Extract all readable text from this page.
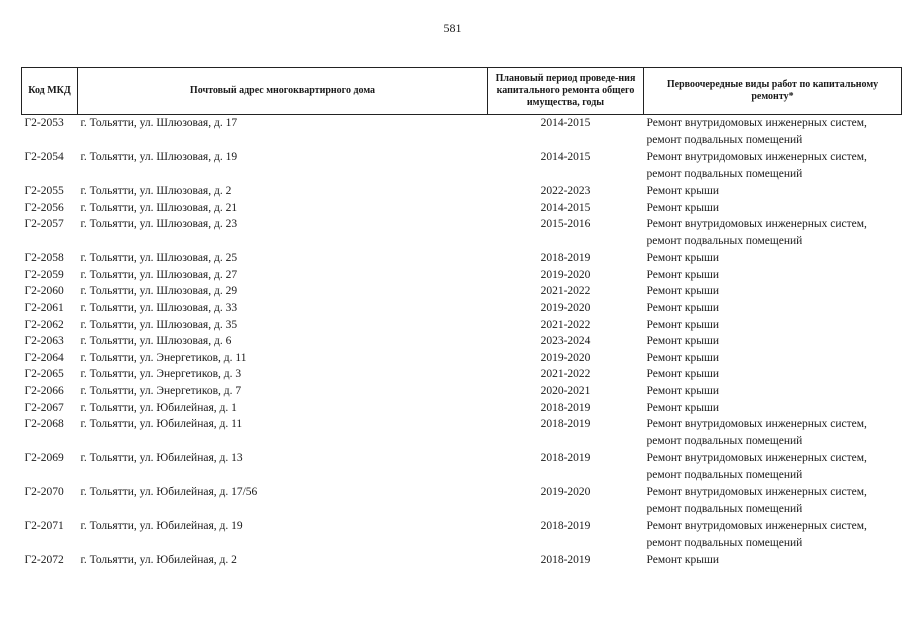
581
Код МКД	Почтовый адрес многоквартирного дома	Плановый период проведе-ния капитального ремонта общего имущества, годы	Первоочередные виды работ по капитальному ремонту*
Г2-2053	г. Тольятти, ул. Шлюзовая, д. 17	2014-2015	Ремонт внутридомовых инженерных систем,
ремонт подвальных помещений

Г2-2054	г. Тольятти, ул. Шлюзовая, д. 19	2014-2015	Ремонт внутридомовых инженерных систем,
ремонт подвальных помещений

Г2-2055	г. Тольятти, ул. Шлюзовая, д. 2	2022-2023	Ремонт крыши

Г2-2056	г. Тольятти, ул. Шлюзовая, д. 21	2014-2015	Ремонт крыши

Г2-2057	г. Тольятти, ул. Шлюзовая, д. 23	2015-2016	Ремонт внутридомовых инженерных систем,
ремонт подвальных помещений

Г2-2058	г. Тольятти, ул. Шлюзовая, д. 25	2018-2019	Ремонт крыши

Г2-2059	г. Тольятти, ул. Шлюзовая, д. 27	2019-2020	Ремонт крыши

Г2-2060	г. Тольятти, ул. Шлюзовая, д. 29	2021-2022	Ремонт крыши

Г2-2061	г. Тольятти, ул. Шлюзовая, д. 33	2019-2020	Ремонт крыши

Г2-2062	г. Тольятти, ул. Шлюзовая, д. 35	2021-2022	Ремонт крыши

Г2-2063	г. Тольятти, ул. Шлюзовая, д. 6	2023-2024	Ремонт крыши

Г2-2064	г. Тольятти, ул. Энергетиков, д. 11	2019-2020	Ремонт крыши

Г2-2065	г. Тольятти, ул. Энергетиков, д. 3	2021-2022	Ремонт крыши

Г2-2066	г. Тольятти, ул. Энергетиков, д. 7	2020-2021	Ремонт крыши

Г2-2067	г. Тольятти, ул. Юбилейная, д. 1	2018-2019	Ремонт крыши

Г2-2068	г. Тольятти, ул. Юбилейная, д. 11	2018-2019	Ремонт внутридомовых инженерных систем,
ремонт подвальных помещений

Г2-2069	г. Тольятти, ул. Юбилейная, д. 13	2018-2019	Ремонт внутридомовых инженерных систем,
ремонт подвальных помещений

Г2-2070	г. Тольятти, ул. Юбилейная, д. 17/56	2019-2020	Ремонт внутридомовых инженерных систем,
ремонт подвальных помещений

Г2-2071	г. Тольятти, ул. Юбилейная, д. 19	2018-2019	Ремонт внутридомовых инженерных систем,
ремонт подвальных помещений

Г2-2072	г. Тольятти, ул. Юбилейная, д. 2	2018-2019	Ремонт крыши
